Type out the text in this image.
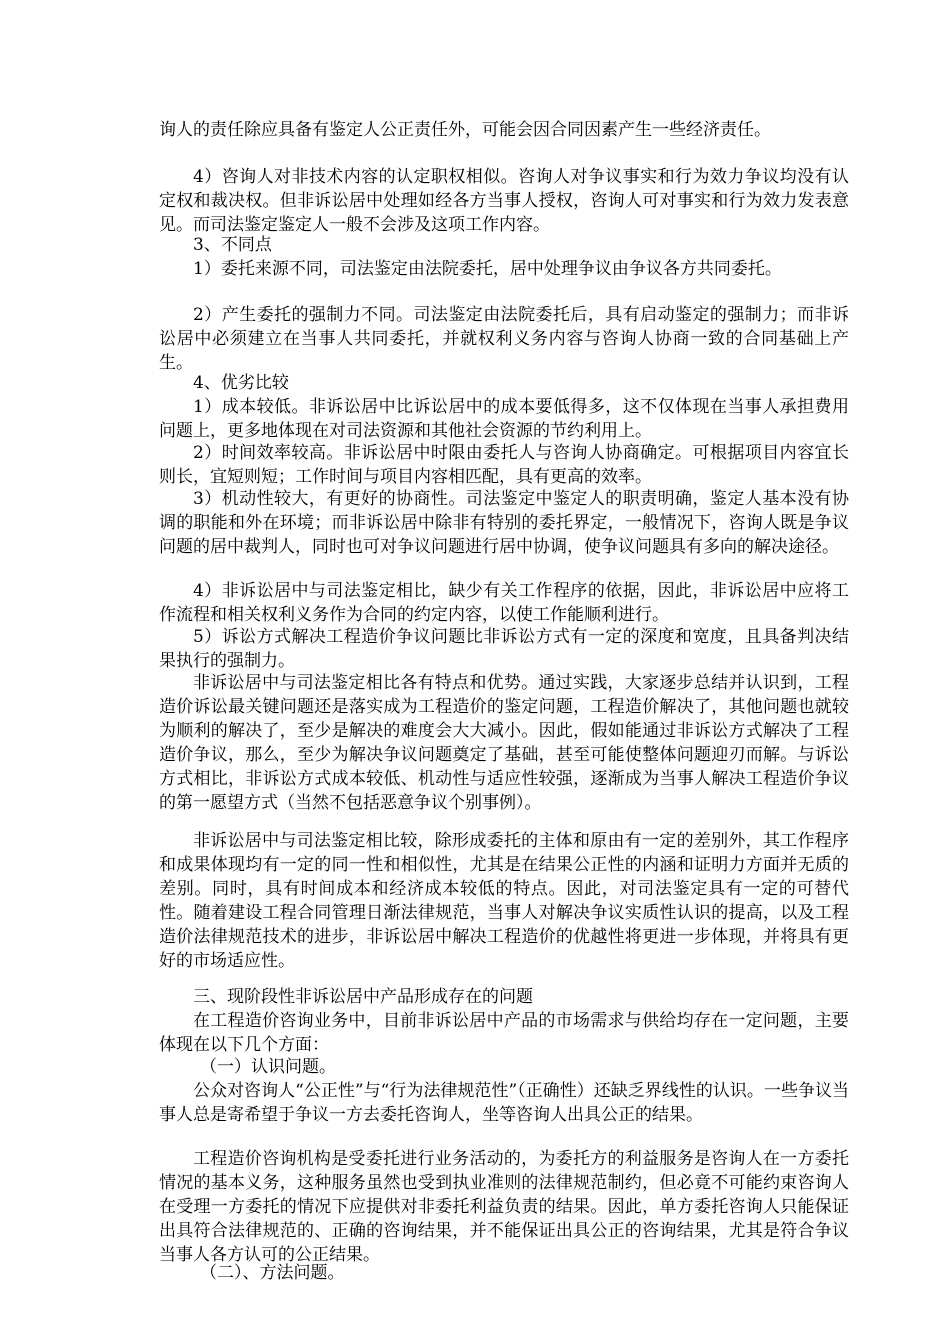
询人的责任除应具备有鉴定人公正责任外，可能会因合同因素产生一些经济责任。

4）咨询人对非技术内容的认定职权相似。咨询人对争议事实和行为效力争议均没有认定权和裁决权。但非诉讼居中处理如经各方当事人授权，咨询人可对事实和行为效力发表意见。而司法鉴定鉴定人一般不会涉及这项工作内容。

3、不同点

1）委托来源不同，司法鉴定由法院委托，居中处理争议由争议各方共同委托。

2）产生委托的强制力不同。司法鉴定由法院委托后，具有启动鉴定的强制力；而非诉讼居中必须建立在当事人共同委托，并就权利义务内容与咨询人协商一致的合同基础上产生。

4、优劣比较

1）成本较低。非诉讼居中比诉讼居中的成本要低得多，这不仅体现在当事人承担费用问题上，更多地体现在对司法资源和其他社会资源的节约利用上。

2）时间效率较高。非诉讼居中时限由委托人与咨询人协商确定。可根据项目内容宜长则长，宜短则短；工作时间与项目内容相匹配，具有更高的效率。

3）机动性较大，有更好的协商性。司法鉴定中鉴定人的职责明确，鉴定人基本没有协调的职能和外在环境；而非诉讼居中除非有特别的委托界定，一般情况下，咨询人既是争议问题的居中裁判人，同时也可对争议问题进行居中协调，使争议问题具有多向的解决途径。

4）非诉讼居中与司法鉴定相比，缺少有关工作程序的依据，因此，非诉讼居中应将工作流程和相关权利义务作为合同的约定内容，以使工作能顺利进行。

5）诉讼方式解决工程造价争议问题比非诉讼方式有一定的深度和宽度，且具备判决结果执行的强制力。

非诉讼居中与司法鉴定相比各有特点和优势。通过实践，大家逐步总结并认识到，工程造价诉讼最关键问题还是落实成为工程造价的鉴定问题，工程造价解决了，其他问题也就较为顺利的解决了，至少是解决的难度会大大减小。因此，假如能通过非诉讼方式解决了工程造价争议，那么，至少为解决争议问题奠定了基础，甚至可能使整体问题迎刃而解。与诉讼方式相比，非诉讼方式成本较低、机动性与适应性较强，逐渐成为当事人解决工程造价争议的第一愿望方式（当然不包括恶意争议个别事例）。

非诉讼居中与司法鉴定相比较，除形成委托的主体和原由有一定的差别外，其工作程序和成果体现均有一定的同一性和相似性，尤其是在结果公正性的内涵和证明力方面并无质的差别。同时，具有时间成本和经济成本较低的特点。因此，对司法鉴定具有一定的可替代性。随着建设工程合同管理日渐法律规范，当事人对解决争议实质性认识的提高，以及工程造价法律规范技术的进步，非诉讼居中解决工程造价的优越性将更进一步体现，并将具有更好的市场适应性。

三、现阶段性非诉讼居中产品形成存在的问题

在工程造价咨询业务中，目前非诉讼居中产品的市场需求与供给均存在一定问题，主要体现在以下几个方面：

（一）认识问题。

公众对咨询人“公正性”与“行为法律规范性”（正确性）还缺乏界线性的认识。一些争议当事人总是寄希望于争议一方去委托咨询人，坐等咨询人出具公正的结果。

工程造价咨询机构是受委托进行业务活动的，为委托方的利益服务是咨询人在一方委托情况的基本义务，这种服务虽然也受到执业准则的法律规范制约，但必竟不可能约束咨询人在受理一方委托的情况下应提供对非委托利益负责的结果。因此，单方委托咨询人只能保证出具符合法律规范的、正确的咨询结果，并不能保证出具公正的咨询结果，尤其是符合争议当事人各方认可的公正结果。

（二）、方法问题。
